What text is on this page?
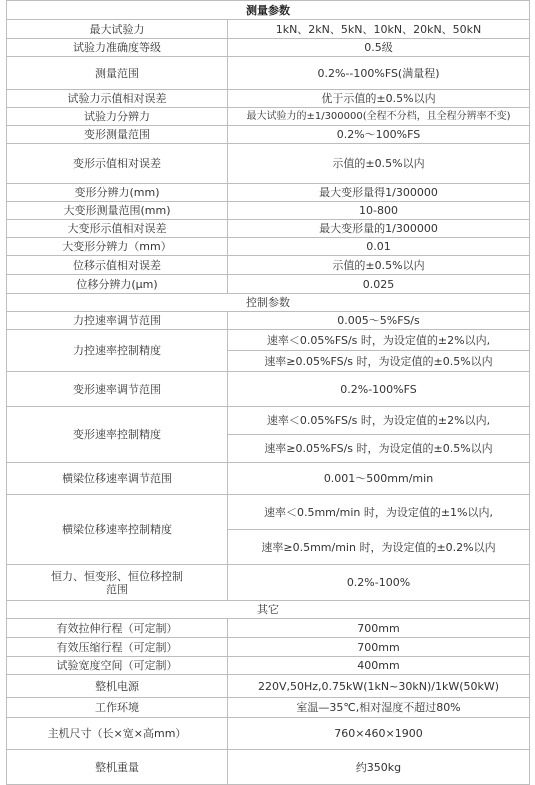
测量参数	
最大试验力	1kN、2kN、5kN、10kN、20kN、50kN
试验力准确度等级	0.5级
测量范围	0.2%--100%FS(满量程)
试验力示值相对误差	优于示值的±0.5%以内
试验力分辨力	最大试验力的±1/300000(全程不分档，且全程分辨率不变)
变形测量范围	0.2%～100%FS
变形示值相对误差	示值的±0.5%以内
变形分辨力(mm)	最大变形量得1/300000
大变形测量范围(mm)	10-800
大变形示值相对误差	最大变形量的1/300000
大变形分辨力（mm）	0.01
位移示值相对误差	示值的±0.5%以内
位移分辨力(μm)	0.025
控制参数	
力控速率调节范围	0.005～5%FS/s
力控速率控制精度	速率＜0.05%FS/s 时，为设定值的±2%以内,
	速率≥0.05%FS/s 时，为设定值的±0.5%以内
变形速率调节范围	0.2%-100%FS
变形速率控制精度	速率＜0.05%FS/s 时，为设定值的±2%以内,
	速率≥0.05%FS/s 时，为设定值的±0.5%以内
横梁位移速率调节范围	0.001～500mm/min
横梁位移速率控制精度	速率＜0.5mm/min 时，为设定值的±1%以内,
	速率≥0.5mm/min 时，为设定值的±0.2%以内
恒力、恒变形、恒位移控制范围	0.2%-100%
其它	
有效拉伸行程（可定制）	700mm
有效压缩行程（可定制）	700mm
试验宽度空间（可定制）	400mm
整机电源	220V,50Hz,0.75kW(1kN~30kN)/1kW(50kW)
工作环境	室温—35℃,相对湿度不超过80%
主机尺寸（长×宽×高mm）	760×460×1900
整机重量	约350kg
